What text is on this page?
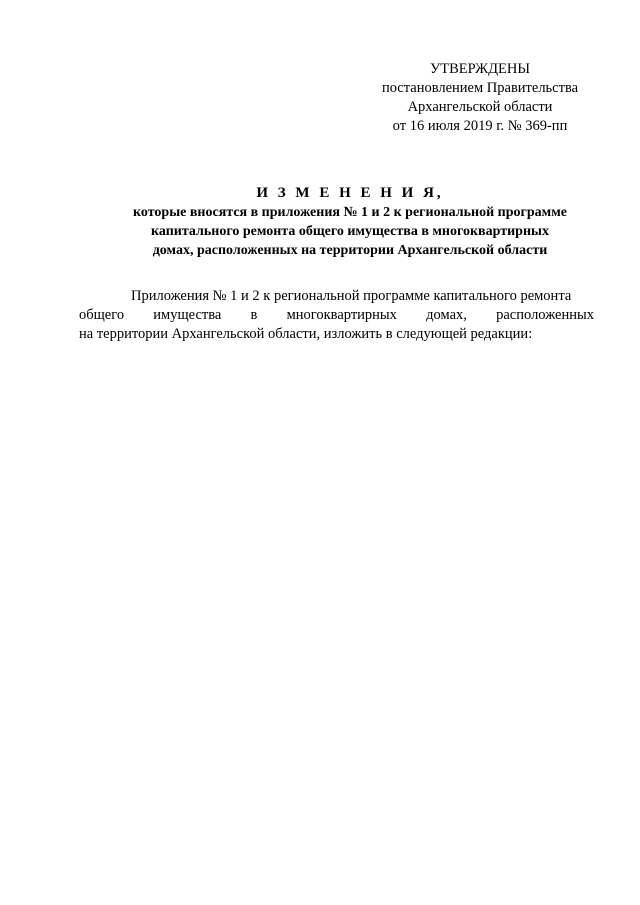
УТВЕРЖДЕНЫ
постановлением Правительства
Архангельской области
от 16 июля 2019 г. № 369-пп
И З М Е Н Е Н И Я,
которые вносятся в приложения № 1 и 2 к региональной программе
капитального ремонта общего имущества в многоквартирных
домах, расположенных на территории Архангельской области
Приложения № 1 и 2 к региональной программе капитального ремонта
общего имущества в многоквартирных домах, расположенных
на территории Архангельской области, изложить в следующей редакции:
